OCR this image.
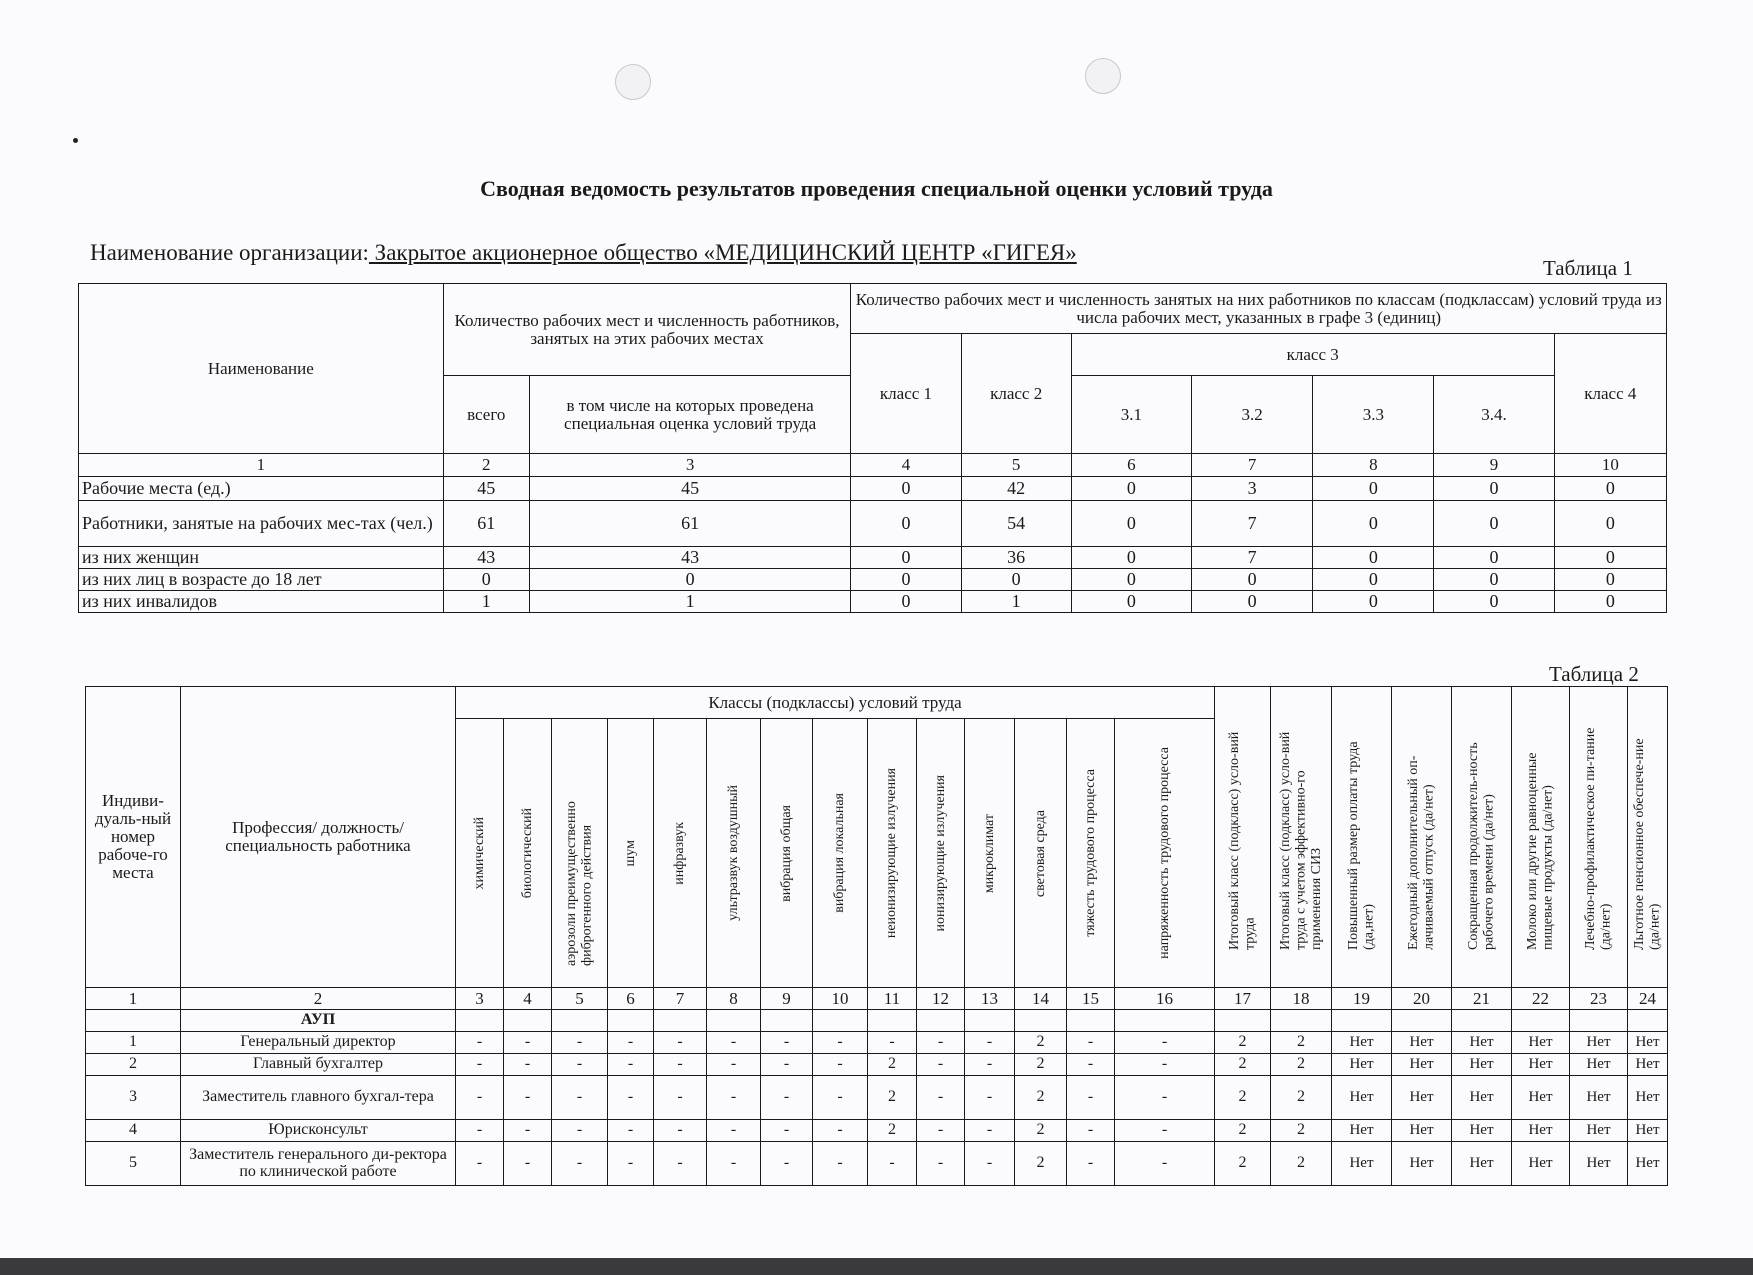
Сводная ведомость результатов проведения специальной оценки условий труда
Наименование организации: Закрытое акционерное общество «МЕДИЦИНСКИЙ ЦЕНТР «ГИГЕЯ»
Таблица 1
Наименование	Количество рабочих мест и численность работников, занятых на этих рабочих местах		Количество рабочих мест и численность занятых на них работников по классам (подклассам) условий труда из числа рабочих мест, указанных в графе 3 (единиц)						
			класс 1	класс 2	класс 3				класс 4
	всего	в том числе на которых проведена специальная оценка условий труда			3.1	3.2	3.3	3.4.	
1	2	3	4	5	6	7	8	9	10
Рабочие места (ед.)	45	45	0	42	0	3	0	0	0
Работники, занятые на рабочих мес-тах (чел.)	61	61	0	54	0	7	0	0	0
из них женщин	43	43	0	36	0	7	0	0	0
из них лиц в возрасте до 18 лет	0	0	0	0	0	0	0	0	0
из них инвалидов	1	1	0	1	0	0	0	0	0
Таблица 2
Индиви-дуаль-ный номер рабоче-го места	Профессия/ должность/ специальность работника	Классы (подклассы) условий труда														Итоговый класс (подкласс) усло-вий труда	Итоговый класс (подкласс) усло-вий труда с учетом эффективно-го применения СИЗ	Повышенный размер оплаты труда (да,нет)	Ежегодный дополнительный оп-лачиваемый отпуск (да/нет)	Сокращенная продолжитель-ность рабочего времени (да/нет)	Молоко или другие равноценные пищевые продукты (да/нет)	Лечебно-профилактическое пи-тание (да/нет)	Льготное пенсионное обеспече-ние (да/нет)

		химический	биологический	аэрозоли преимущественно фиброгенного действия	шум	инфразвук	ультразвук воздушный	вибрация общая	вибрация локальная	неионизирующие излучения	ионизирующие излучения	микроклимат	световая среда	тяжесть трудового процесса	напряженность трудового процесса								

1	2	3	4	5	6	7	8	9	10	11	12	13	14	15	16	17	18	19	20	21	22	23	24
	АУП																						
1	Генеральный директор	-	-	-	-	-	-	-	-	-	-	-	2	-	-	2	2	Нет	Нет	Нет	Нет	Нет	Нет
2	Главный бухгалтер	-	-	-	-	-	-	-	-	2	-	-	2	-	-	2	2	Нет	Нет	Нет	Нет	Нет	Нет
3	Заместитель главного бухгал-тера	-	-	-	-	-	-	-	-	2	-	-	2	-	-	2	2	Нет	Нет	Нет	Нет	Нет	Нет
4	Юрисконсульт	-	-	-	-	-	-	-	-	2	-	-	2	-	-	2	2	Нет	Нет	Нет	Нет	Нет	Нет
5	Заместитель генерального ди-ректора по клинической работе	-	-	-	-	-	-	-	-	-	-	-	2	-	-	2	2	Нет	Нет	Нет	Нет	Нет	Нет
